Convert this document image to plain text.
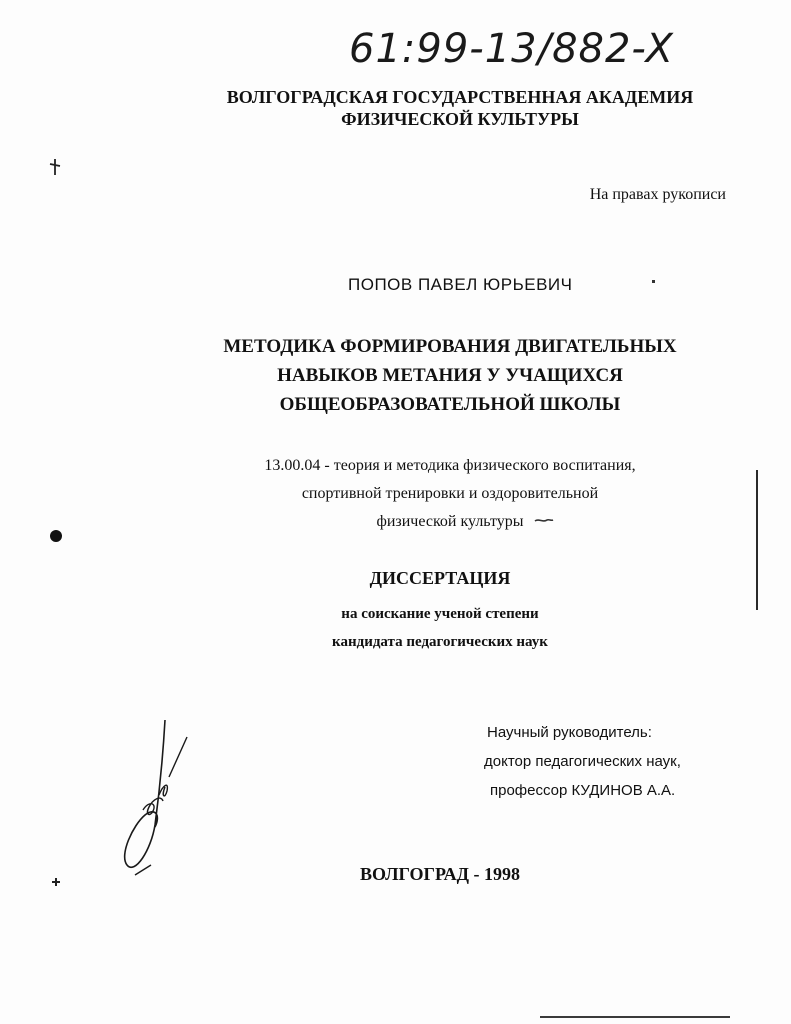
61:99-13/882-X
ВОЛГОГРАДСКАЯ ГОСУДАРСТВЕННАЯ АКАДЕМИЯ
ФИЗИЧЕСКОЙ КУЛЬТУРЫ
На правах рукописи
ПОПОВ ПАВЕЛ ЮРЬЕВИЧ
МЕТОДИКА ФОРМИРОВАНИЯ ДВИГАТЕЛЬНЫХ
НАВЫКОВ МЕТАНИЯ У УЧАЩИХСЯ
ОБЩЕОБРАЗОВАТЕЛЬНОЙ ШКОЛЫ
13.00.04 - теория и методика физического воспитания,
спортивной тренировки и оздоровительной
физической культуры
ДИССЕРТАЦИЯ
на соискание ученой степени
кандидата педагогических наук
Научный руководитель:
доктор педагогических наук,
профессор КУДИНОВ А.А.
ВОЛГОГРАД - 1998
